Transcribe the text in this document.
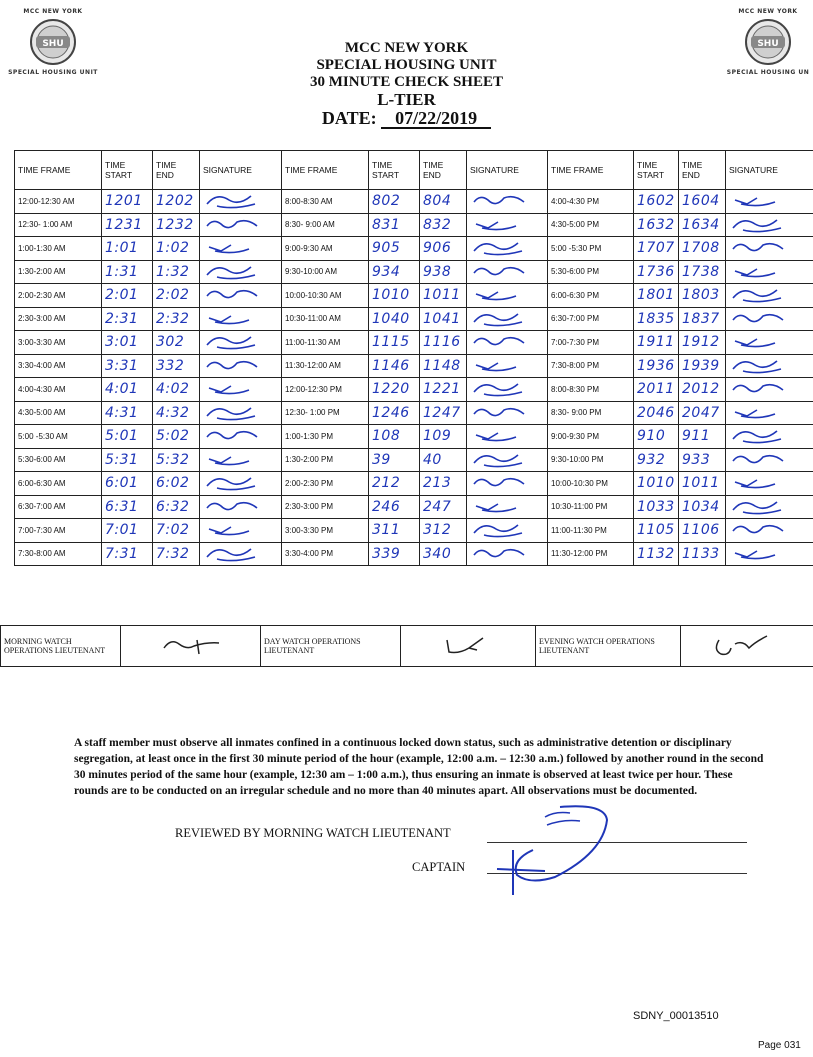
MCC NEW YORK
SHU
SPECIAL HOUSING UNIT
MCC NEW YORK
SHU
SPECIAL HOUSING UN
MCC NEW YORK
SPECIAL HOUSING UNIT
30 MINUTE CHECK SHEET
L-TIER
DATE: 07/22/2019
TIME FRAME	TIME START	TIME END	SIGNATURE	TIME FRAME	TIME START	TIME END	SIGNATURE	TIME FRAME	TIME START	TIME END	SIGNATURE
12:00-12:30 AM	1201	1202		8:00-8:30 AM	802	804		4:00-4:30 PM	1602	1604	
12:30- 1:00 AM	1231	1232		8:30- 9:00 AM	831	832		4:30-5:00 PM	1632	1634	
1:00-1:30 AM	1:01	1:02		9:00-9:30 AM	905	906		5:00 -5:30 PM	1707	1708	
1:30-2:00 AM	1:31	1:32		9:30-10:00 AM	934	938		5:30-6:00 PM	1736	1738	
2:00-2:30 AM	2:01	2:02		10:00-10:30 AM	1010	1011		6:00-6:30 PM	1801	1803	
2:30-3:00 AM	2:31	2:32		10:30-11:00 AM	1040	1041		6:30-7:00 PM	1835	1837	
3:00-3:30 AM	3:01	302		11:00-11:30 AM	1115	1116		7:00-7:30 PM	1911	1912	
3:30-4:00 AM	3:31	332		11:30-12:00 AM	1146	1148		7:30-8:00 PM	1936	1939	
4:00-4:30 AM	4:01	4:02		12:00-12:30 PM	1220	1221		8:00-8:30 PM	2011	2012	
4:30-5:00 AM	4:31	4:32		12:30- 1:00 PM	1246	1247		8:30- 9:00 PM	2046	2047	
5:00 -5:30 AM	5:01	5:02		1:00-1:30 PM	108	109		9:00-9:30 PM	910	911	
5:30-6:00 AM	5:31	5:32		1:30-2:00 PM	39	40		9:30-10:00 PM	932	933	
6:00-6:30 AM	6:01	6:02		2:00-2:30 PM	212	213		10:00-10:30 PM	1010	1011	
6:30-7:00 AM	6:31	6:32		2:30-3:00 PM	246	247		10:30-11:00 PM	1033	1034	
7:00-7:30 AM	7:01	7:02		3:00-3:30 PM	311	312		11:00-11:30 PM	1105	1106	
7:30-8:00 AM	7:31	7:32		3:30-4:00 PM	339	340		11:30-12:00 PM	1132	1133	
MORNING WATCH OPERATIONS LIEUTENANT		DAY WATCH OPERATIONS LIEUTENANT		EVENING WATCH OPERATIONS LIEUTENANT	
A staff member must observe all inmates confined in a continuous locked down status, such as administrative detention or disciplinary segregation, at least once in the first 30 minute period of the hour (example, 12:00 a.m. – 12:30 a.m.) followed by another round in the second 30 minutes period of the same hour (example, 12:30 am – 1:00 a.m.), thus ensuring an inmate is observed at least twice per hour. These rounds are to be conducted on an irregular schedule and no more than 40 minutes apart. All observations must be documented.
REVIEWED BY MORNING WATCH LIEUTENANT
CAPTAIN
SDNY_00013510
Page 031
